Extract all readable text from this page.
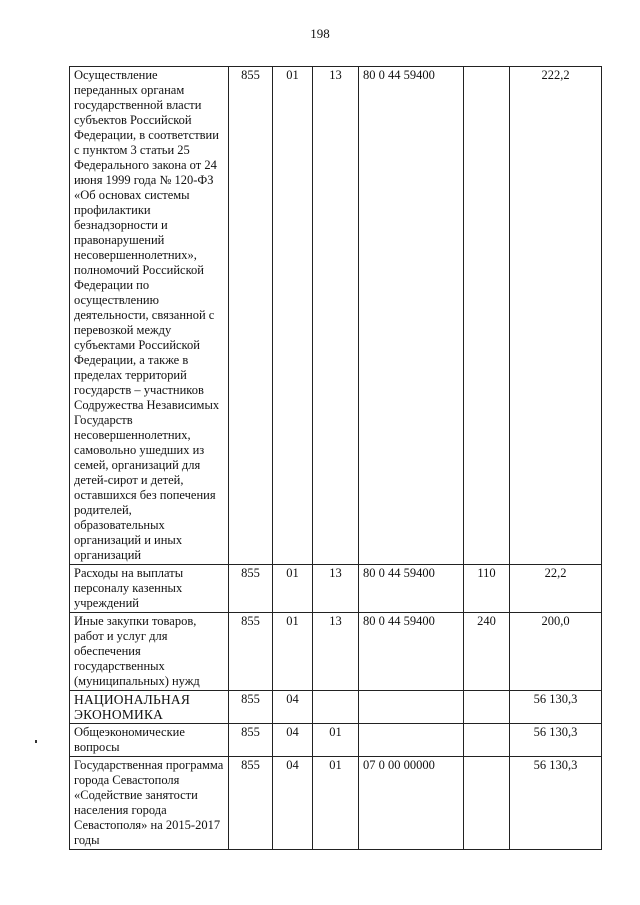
198
Осуществление переданных органам государственной власти субъектов Российской Федерации, в соответствии с пунктом 3 статьи 25 Федерального закона от 24 июня 1999 года № 120-ФЗ «Об основах системы профилактики безнадзорности и правонарушений несовершеннолетних», полномочий Российской Федерации по осуществлению деятельности, связанной с перевозкой между субъектами Российской Федерации, а также в пределах территорий государств – участников Содружества Независимых Государств несовершеннолетних, самовольно ушедших из семей, организаций для детей-сирот и детей, оставшихся без попечения родителей, образовательных организаций и иных организаций	855	01	13	80 0 44 59400		222,2
Расходы на выплаты персоналу казенных учреждений	855	01	13	80 0 44 59400	110	22,2
Иные закупки товаров, работ и услуг для обеспечения государственных (муниципальных) нужд	855	01	13	80 0 44 59400	240	200,0
НАЦИОНАЛЬНАЯ ЭКОНОМИКА	855	04				56 130,3
Общеэкономические вопросы	855	04	01			56 130,3
Государственная программа города Севастополя «Содействие занятости населения города Севастополя» на 2015-2017 годы	855	04	01	07 0 00 00000		56 130,3
